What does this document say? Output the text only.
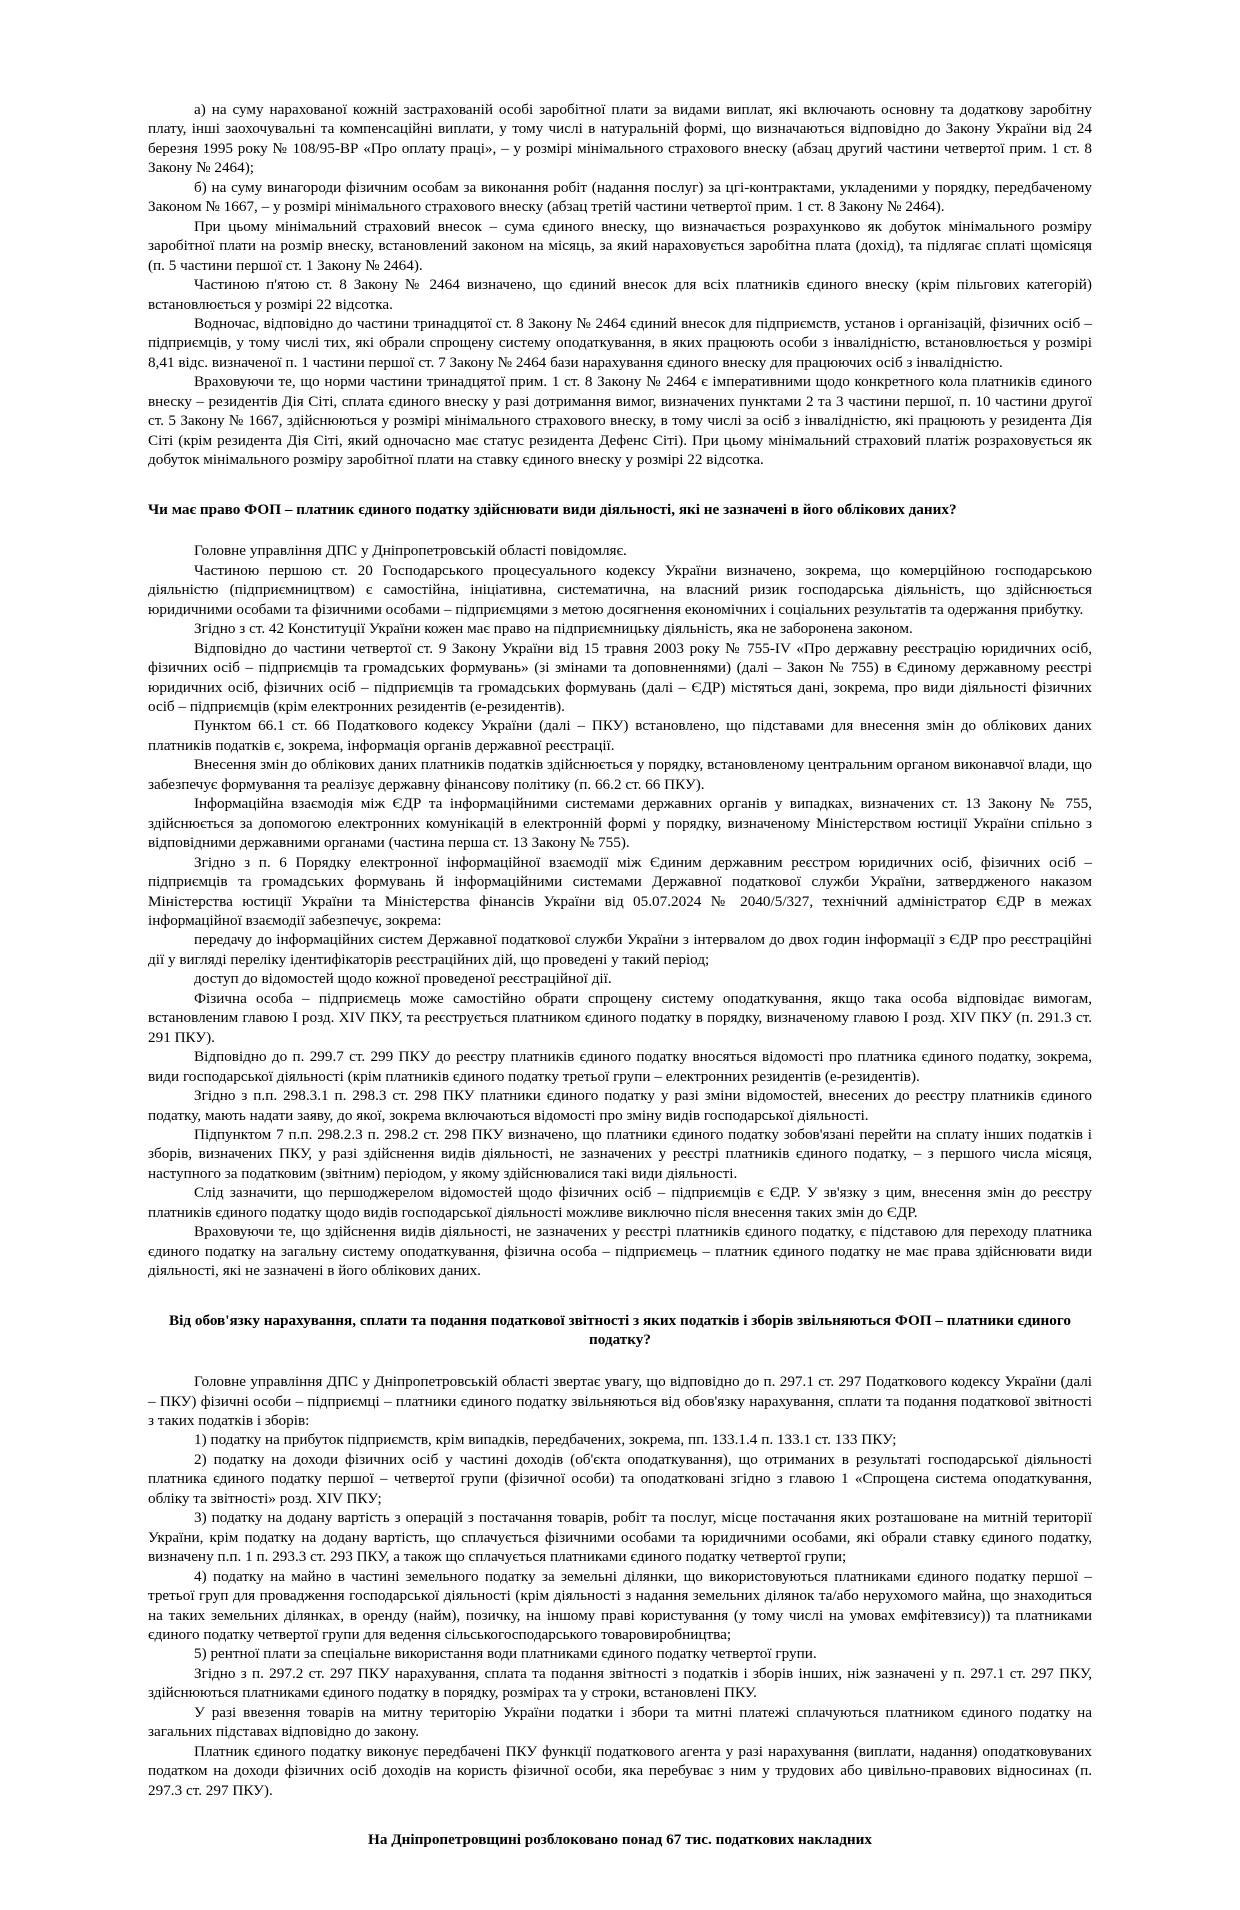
а) на суму нарахованої кожній застрахованій особі заробітної плати за видами виплат, які включають основну та додаткову заробітну плату, інші заохочувальні та компенсаційні виплати, у тому числі в натуральній формі, що визначаються відповідно до Закону України від 24 березня 1995 року № 108/95-ВР «Про оплату праці», – у розмірі мінімального страхового внеску (абзац другий частини четвертої прим. 1 ст. 8 Закону № 2464);

б) на суму винагороди фізичним особам за виконання робіт (надання послуг) за цгі-контрактами, укладеними у порядку, передбаченому Законом № 1667, – у розмірі мінімального страхового внеску (абзац третій частини четвертої прим. 1 ст. 8 Закону № 2464).

При цьому мінімальний страховий внесок – сума єдиного внеску, що визначається розрахунково як добуток мінімального розміру заробітної плати на розмір внеску, встановлений законом на місяць, за який нараховується заробітна плата (дохід), та підлягає сплаті щомісяця (п. 5 частини першої ст. 1 Закону № 2464).

Частиною п'ятою ст. 8 Закону № 2464 визначено, що єдиний внесок для всіх платників єдиного внеску (крім пільгових категорій) встановлюється у розмірі 22 відсотка.

Водночас, відповідно до частини тринадцятої ст. 8 Закону № 2464 єдиний внесок для підприємств, установ і організацій, фізичних осіб – підприємців, у тому числі тих, які обрали спрощену систему оподаткування, в яких працюють особи з інвалідністю, встановлюється у розмірі 8,41 відс. визначеної п. 1 частини першої ст. 7 Закону № 2464 бази нарахування єдиного внеску для працюючих осіб з інвалідністю.

Враховуючи те, що норми частини тринадцятої прим. 1 ст. 8 Закону № 2464 є імперативними щодо конкретного кола платників єдиного внеску – резидентів Дія Сіті, сплата єдиного внеску у разі дотримання вимог, визначених пунктами 2 та 3 частини першої, п. 10 частини другої ст. 5 Закону № 1667, здійснюються у розмірі мінімального страхового внеску, в тому числі за осіб з інвалідністю, які працюють у резидента Дія Сіті (крім резидента Дія Сіті, який одночасно має статус резидента Дефенс Сіті). При цьому мінімальний страховий платіж розраховується як добуток мінімального розміру заробітної плати на ставку єдиного внеску у розмірі 22 відсотка.

Чи має право ФОП – платник єдиного податку здійснювати види діяльності, які не зазначені в його облікових даних?

Головне управління ДПС у Дніпропетровській області повідомляє.

Частиною першою ст. 20 Господарського процесуального кодексу України визначено, зокрема, що комерційною господарською діяльністю (підприємництвом) є самостійна, ініціативна, систематична, на власний ризик господарська діяльність, що здійснюється юридичними особами та фізичними особами – підприємцями з метою досягнення економічних і соціальних результатів та одержання прибутку.

Згідно з ст. 42 Конституції України кожен має право на підприємницьку діяльність, яка не заборонена законом.

Відповідно до частини четвертої ст. 9 Закону України від 15 травня 2003 року № 755-IV «Про державну реєстрацію юридичних осіб, фізичних осіб – підприємців та громадських формувань» (зі змінами та доповненнями) (далі – Закон № 755) в Єдиному державному реєстрі юридичних осіб, фізичних осіб – підприємців та громадських формувань (далі – ЄДР) містяться дані, зокрема, про види діяльності фізичних осіб – підприємців (крім електронних резидентів (е-резидентів).

Пунктом 66.1 ст. 66 Податкового кодексу України (далі – ПКУ) встановлено, що підставами для внесення змін до облікових даних платників податків є, зокрема, інформація органів державної реєстрації.

Внесення змін до облікових даних платників податків здійснюється у порядку, встановленому центральним органом виконавчої влади, що забезпечує формування та реалізує державну фінансову політику (п. 66.2 ст. 66 ПКУ).

Інформаційна взаємодія між ЄДР та інформаційними системами державних органів у випадках, визначених ст. 13 Закону № 755, здійснюється за допомогою електронних комунікацій в електронній формі у порядку, визначеному Міністерством юстиції України спільно з відповідними державними органами (частина перша ст. 13 Закону № 755).

Згідно з п. 6 Порядку електронної інформаційної взаємодії між Єдиним державним реєстром юридичних осіб, фізичних осіб – підприємців та громадських формувань й інформаційними системами Державної податкової служби України, затвердженого наказом Міністерства юстиції України та Міністерства фінансів України від 05.07.2024 № 2040/5/327, технічний адміністратор ЄДР в межах інформаційної взаємодії забезпечує, зокрема:

передачу до інформаційних систем Державної податкової служби України з інтервалом до двох годин інформації з ЄДР про реєстраційні дії у вигляді переліку ідентифікаторів реєстраційних дій, що проведені у такий період;

доступ до відомостей щодо кожної проведеної реєстраційної дії.

Фізична особа – підприємець може самостійно обрати спрощену систему оподаткування, якщо така особа відповідає вимогам, встановленим главою І розд. XIV ПКУ, та реєструється платником єдиного податку в порядку, визначеному главою І розд. XIV ПКУ (п. 291.3 ст. 291 ПКУ).

Відповідно до п. 299.7 ст. 299 ПКУ до реєстру платників єдиного податку вносяться відомості про платника єдиного податку, зокрема, види господарської діяльності (крім платників єдиного податку третьої групи – електронних резидентів (е-резидентів).

Згідно з п.п. 298.3.1 п. 298.3 ст. 298 ПКУ платники єдиного податку у разі зміни відомостей, внесених до реєстру платників єдиного податку, мають надати заяву, до якої, зокрема включаються відомості про зміну видів господарської діяльності.

Підпунктом 7 п.п. 298.2.3 п. 298.2 ст. 298 ПКУ визначено, що платники єдиного податку зобов'язані перейти на сплату інших податків і зборів, визначених ПКУ, у разі здійснення видів діяльності, не зазначених у реєстрі платників єдиного податку, – з першого числа місяця, наступного за податковим (звітним) періодом, у якому здійснювалися такі види діяльності.

Слід зазначити, що першоджерелом відомостей щодо фізичних осіб – підприємців є ЄДР. У зв'язку з цим, внесення змін до реєстру платників єдиного податку щодо видів господарської діяльності можливе виключно після внесення таких змін до ЄДР.

Враховуючи те, що здійснення видів діяльності, не зазначених у реєстрі платників єдиного податку, є підставою для переходу платника єдиного податку на загальну систему оподаткування, фізична особа – підприємець – платник єдиного податку не має права здійснювати види діяльності, які не зазначені в його облікових даних.

Від обов'язку нарахування, сплати та подання податкової звітності з яких податків і зборів звільняються ФОП – платники єдиного податку?

Головне управління ДПС у Дніпропетровській області звертає увагу, що відповідно до п. 297.1 ст. 297 Податкового кодексу України (далі – ПКУ) фізичні особи – підприємці – платники єдиного податку звільняються від обов'язку нарахування, сплати та подання податкової звітності з таких податків і зборів:

1) податку на прибуток підприємств, крім випадків, передбачених, зокрема, пп. 133.1.4 п. 133.1 ст. 133 ПКУ;

2) податку на доходи фізичних осіб у частині доходів (об'єкта оподаткування), що отриманих в результаті господарської діяльності платника єдиного податку першої – четвертої групи (фізичної особи) та оподатковані згідно з главою 1 «Спрощена система оподаткування, обліку та звітності» розд. XIV ПКУ;

3) податку на додану вартість з операцій з постачання товарів, робіт та послуг, місце постачання яких розташоване на митній території України, крім податку на додану вартість, що сплачується фізичними особами та юридичними особами, які обрали ставку єдиного податку, визначену п.п. 1 п. 293.3 ст. 293 ПКУ, а також що сплачується платниками єдиного податку четвертої групи;

4) податку на майно в частині земельного податку за земельні ділянки, що використовуються платниками єдиного податку першої – третьої груп для провадження господарської діяльності (крім діяльності з надання земельних ділянок та/або нерухомого майна, що знаходиться на таких земельних ділянках, в оренду (найм), позичку, на іншому праві користування (у тому числі на умовах емфітевзису)) та платниками єдиного податку четвертої групи для ведення сільськогосподарського товаровиробництва;

5) рентної плати за спеціальне використання води платниками єдиного податку четвертої групи.

Згідно з п. 297.2 ст. 297 ПКУ нарахування, сплата та подання звітності з податків і зборів інших, ніж зазначені у п. 297.1 ст. 297 ПКУ, здійснюються платниками єдиного податку в порядку, розмірах та у строки, встановлені ПКУ.

У разі ввезення товарів на митну територію України податки і збори та митні платежі сплачуються платником єдиного податку на загальних підставах відповідно до закону.

Платник єдиного податку виконує передбачені ПКУ функції податкового агента у разі нарахування (виплати, надання) оподатковуваних податком на доходи фізичних осіб доходів на користь фізичної особи, яка перебуває з ним у трудових або цивільно-правових відносинах (п. 297.3 ст. 297 ПКУ).

На Дніпропетровщині розблоковано понад 67 тис. податкових накладних
